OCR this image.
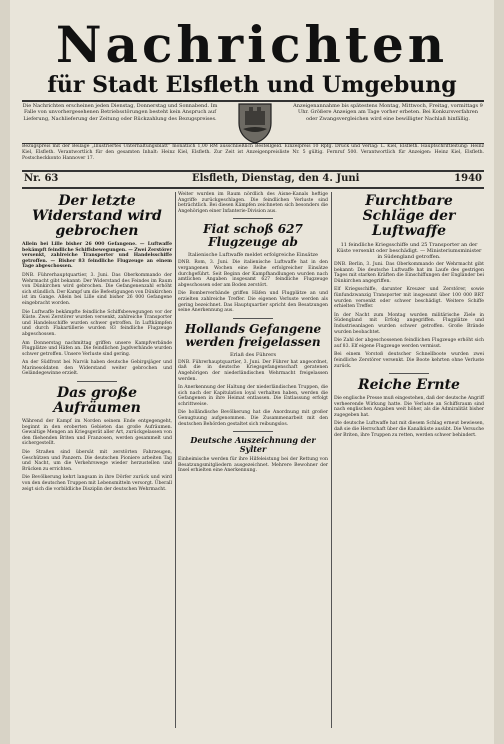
Nachrichten
für Stadt Elsfleth und Umgebung
Die Nachrichten erscheinen jeden Dienstag, Donnerstag und Sonnabend. Im Falle von unvorhergesehenen Betriebsstörungen besteht kein Anspruch auf Lieferung, Nachlieferung der Zeitung oder Rückzahlung des Bezugspreises.
Anzeigenannahme bis spätestens Montag, Mittwoch, Freitag, vormittags 9 Uhr. Größere Anzeigen am Tage vorher erbeten. Bei Konkursverfahren oder Zwangsvergleichen wird eine bewilligter Nachlaß hinfällig.
Bezugspreis mit der Beilage „Illustriertes Unterhaltungsblatt“ monatlich 1,00 RM ausschließlich Bestellgeld. Einzelpreis 10 Rpfg. Druck und Verlag: L. Kiel, Elsfleth. Hauptschriftleitung: Heinz Kiel, Elsfleth. Verantwortlich für den gesamten Inhalt: Heinz Kiel, Elsfleth. Zur Zeit ist Anzeigenpreisliste Nr. 5 gültig. Fernruf 500. Verantwortlich für Anzeigen: Heinz Kiel, Elsfleth. Postscheckkonto Hannover 17.
Nr. 63	Elsfleth, Dienstag, den 4. Juni	1940
Der letzte Widerstand wird gebrochen

Allein bei Lille bisher 26 000 Gefangene. — Luftwaffe bekämpft feindliche Schiffsbewegungen. — Zwei Zerstörer versenkt, zahlreiche Transporter und Handelsschiffe getroffen. — Bisher 83 feindliche Flugzeuge an einem Tage abgeschossen.

DNB. Führerhauptquartier, 3. Juni. Das Oberkommando der Wehrmacht gibt bekannt: Der Widerstand des Feindes im Raum von Dünkirchen wird gebrochen. Die Gefangenenzahl erhöht sich stündlich. Der Kampf um die Befestigungen von Dünkirchen ist im Gange. Allein bei Lille sind bisher 26 000 Gefangene eingebracht worden.

Die Luftwaffe bekämpfte feindliche Schiffsbewegungen vor der Küste. Zwei Zerstörer wurden versenkt, zahlreiche Transporter und Handelsschiffe wurden schwer getroffen. In Luftkämpfen und durch Flakartillerie wurden 83 feindliche Flugzeuge abgeschossen.

Am Donnerstag nachmittag griffen unsere Kampfverbände Flugplätze und Häfen an. Die feindlichen Jagdverbände wurden schwer getroffen. Unsere Verluste sind gering.

An der Südfront bei Narvik haben deutsche Gebirgsjäger und Marinesoldaten den Widerstand weiter gebrochen und Geländegewinne erzielt.

Das große Aufräumen

Während der Kampf im Norden seinem Ende entgegengeht, beginnt in den eroberten Gebieten das große Aufräumen. Gewaltige Mengen an Kriegsgerät aller Art, zurückgelassen von den fliehenden Briten und Franzosen, werden gesammelt und sichergestellt.

Die Straßen sind übersät mit zerstörten Fahrzeugen, Geschützen und Panzern. Die deutschen Pioniere arbeiten Tag und Nacht, um die Verkehrswege wieder herzustellen und Brücken zu errichten.

Die Bevölkerung kehrt langsam in ihre Dörfer zurück und wird von den deutschen Truppen mit Lebensmitteln versorgt. Überall zeigt sich die vorbildliche Disziplin der deutschen Wehrmacht.

Weiter wurden im Raum nördlich des Aisne-Kanals heftige Angriffe zurückgeschlagen. Die feindlichen Verluste sind beträchtlich. Bei diesen Kämpfen zeichneten sich besonders die Angehörigen einer Infanterie-Division aus.

Fiat schoß 627 Flugzeuge ab
Italienische Luftwaffe meldet erfolgreiche Einsätze

DNB. Rom, 3. Juni. Die italienische Luftwaffe hat in den vergangenen Wochen eine Reihe erfolgreicher Einsätze durchgeführt. Seit Beginn der Kampfhandlungen wurden nach amtlichen Angaben insgesamt 627 feindliche Flugzeuge abgeschossen oder am Boden zerstört.

Die Bomberverbände griffen Häfen und Flugplätze an und erzielten zahlreiche Treffer. Die eigenen Verluste werden als gering bezeichnet. Das Hauptquartier spricht den Besatzungen seine Anerkennung aus.

Hollands Gefangene werden freigelassen
Erlaß des Führers

DNB. Führerhauptquartier, 3. Juni. Der Führer hat angeordnet, daß die in deutsche Kriegsgefangenschaft geratenen Angehörigen der niederländischen Wehrmacht freigelassen werden.

In Anerkennung der Haltung der niederländischen Truppen, die sich nach der Kapitulation loyal verhalten haben, werden die Gefangenen in ihre Heimat entlassen. Die Entlassung erfolgt schrittweise.

Die holländische Bevölkerung hat die Anordnung mit großer Genugtuung aufgenommen. Die Zusammenarbeit mit den deutschen Behörden gestaltet sich reibungslos.

Deutsche Auszeichnung der Sylter

Einheimische werden für ihre Hilfeleistung bei der Rettung von Besatzungsmitgliedern ausgezeichnet. Mehrere Bewohner der Insel erhielten eine Anerkennung.

Furchtbare Schläge der Luftwaffe
11 feindliche Kriegsschiffe und 25 Transporter an der Küste versenkt oder beschädigt. — Ministeriumsminister in Südengland getroffen.

DNB. Berlin, 3. Juni. Das Oberkommando der Wehrmacht gibt bekannt: Die deutsche Luftwaffe hat im Laufe des gestrigen Tages mit starken Kräften die Einschiffungen der Engländer bei Dünkirchen angegriffen.

Elf Kriegsschiffe, darunter Kreuzer und Zerstörer, sowie fünfundzwanzig Transporter mit insgesamt über 100 000 BRT wurden versenkt oder schwer beschädigt. Weitere Schiffe erhielten Treffer.

In der Nacht zum Montag wurden militärische Ziele in Südengland mit Erfolg angegriffen. Flugplätze und Industrieanlagen wurden schwer getroffen. Große Brände wurden beobachtet.

Die Zahl der abgeschossenen feindlichen Flugzeuge erhöht sich auf 83. Elf eigene Flugzeuge werden vermisst.

Bei einem Vorstoß deutscher Schnellboote wurden zwei feindliche Zerstörer versenkt. Die Boote kehrten ohne Verluste zurück.

Reiche Ernte

Die englische Presse muß eingestehen, daß der deutsche Angriff verheerende Wirkung hatte. Die Verluste an Schiffsraum sind nach englischen Angaben weit höher, als die Admiralität bisher zugegeben hat.

Die deutsche Luftwaffe hat mit diesem Schlag erneut bewiesen, daß sie die Herrschaft über die Kanalküste ausübt. Die Versuche der Briten, ihre Truppen zu retten, werden schwer behindert.
